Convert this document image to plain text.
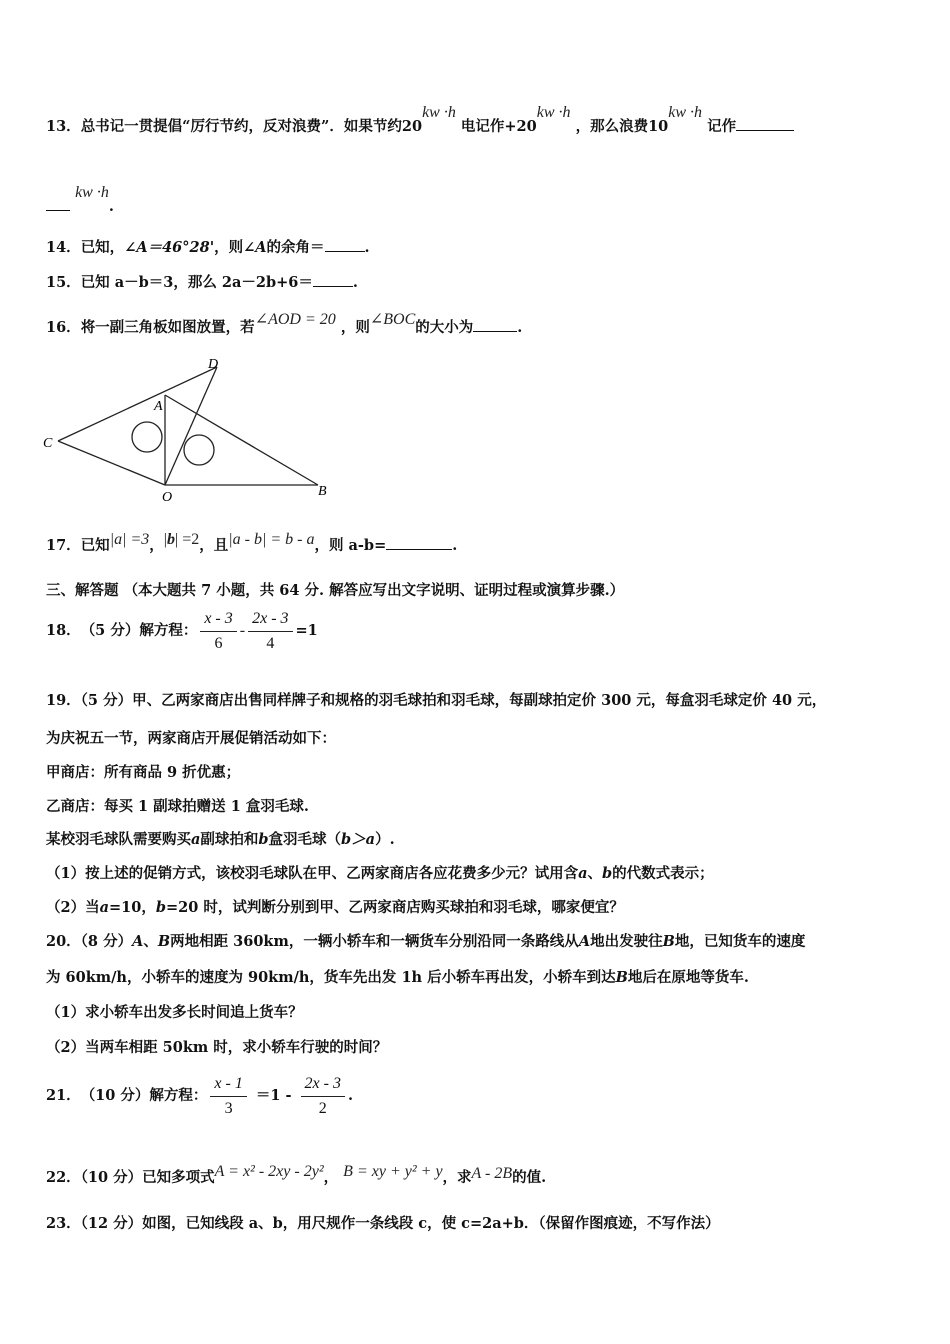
13．总书记一贯提倡“厉行节约，反对浪费”．如果节约20kw ·h 电记作+20kw ·h ，那么浪费10kw ·h 记作
kw ·h.
14．已知，∠A＝46°28'，则∠A的余角＝	.
15．已知 a－b＝3，那么 2a－2b+6＝	.
16．将一副三角板如图放置，若∠AOD = 20 ，则∠BOC的大小为	.
D
A
C
O	B
17．已知|a| =3，|b| =2，且|a - b| = b - a，则 a-b=	.
三、解答题 （本大题共 7 小题，共 64 分. 解答应写出文字说明、证明过程或演算步骤.）
18． （5 分）解方程： $\frac{x - 3}{6} - \frac{2x - 3}{4} =1$
19．（5 分）甲、乙两家商店出售同样牌子和规格的羽毛球拍和羽毛球，每副球拍定价 300 元，每盒羽毛球定价 40 元，
为庆祝五一节，两家商店开展促销活动如下：
甲商店：所有商品 9 折优惠；
乙商店：每买 1 副球拍赠送 1 盒羽毛球.
某校羽毛球队需要购买a副球拍和b盒羽毛球（b＞a）.
（1）按上述的促销方式，该校羽毛球队在甲、乙两家商店各应花费多少元？试用含a、b的代数式表示；
（2）当a=10，b=20 时，试判断分别到甲、乙两家商店购买球拍和羽毛球，哪家便宜？
20．（8 分）A、B两地相距 360km，一辆小轿车和一辆货车分别沿同一条路线从A地出发驶往B地，已知货车的速度
为 60km/h，小轿车的速度为 90km/h，货车先出发 1h 后小轿车再出发，小轿车到达B地后在原地等货车.
（1）求小轿车出发多长时间追上货车？
（2）当两车相距 50km 时，求小轿车行驶的时间？
21． （10 分）解方程： $\frac{x - 1}{3} =1 - \frac{2x - 3}{2}$ .
22．（10 分）已知多项式A = x² - 2xy - 2y²， B = xy + y² + y，求A - 2B的值.
23．（12 分）如图，已知线段 a、b，用尺规作一条线段 c，使 c=2a+b．（保留作图痕迹，不写作法）
